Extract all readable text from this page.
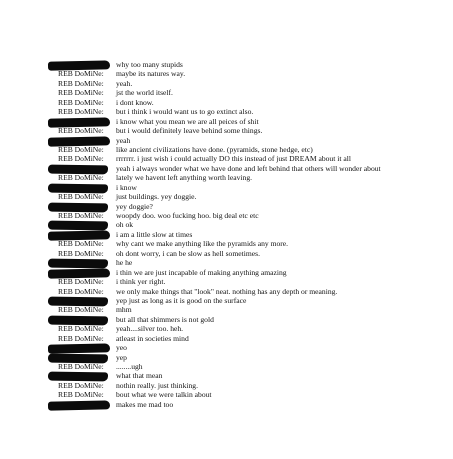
why too many stupids
REB DoMiNe:	maybe its natures way.
REB DoMiNe:	yeah.
REB DoMiNe:	jst the world itself.
REB DoMiNe:	i dont know.
REB DoMiNe:	but i think i would want us to go extinct also.
i know what you mean we are all peices of shit
REB DoMiNe:	but i would definitely leave behind some things.
yeah
REB DoMiNe:	like ancient civilizations have done. (pyramids, stone hedge, etc)
REB DoMiNe:	rrrrrrr. i just wish i could actually DO this instead of just DREAM about it all
yeah i always wonder what we have done and left behind that others will wonder about
REB DoMiNe:	lately we havent left anything worth leaving.
i know
REB DoMiNe:	just buildings. yey doggie.
yey doggie?
REB DoMiNe:	woopdy doo. woo fucking hoo. big deal etc etc
oh ok
i am a little slow at times
REB DoMiNe:	why cant we make anything like the pyramids any more.
REB DoMiNe:	oh dont worry, i can be slow as hell sometimes.
he he
i thin we are just incapable of making anything amazing
REB DoMiNe:	i think yer right.
REB DoMiNe:	we only make things that "look" neat. nothing has any depth or meaning.
yep just as long as it is good on the surface
REB DoMiNe:	mhm
but all that shimmers is not gold
REB DoMiNe:	yeah....silver too. heh.
REB DoMiNe:	atleast in societies mind
yeo
yep
REB DoMiNe:	........ugh
what that mean
REB DoMiNe:	nothin really. just thinking.
REB DoMiNe:	bout what we were talkin about
makes me mad too
